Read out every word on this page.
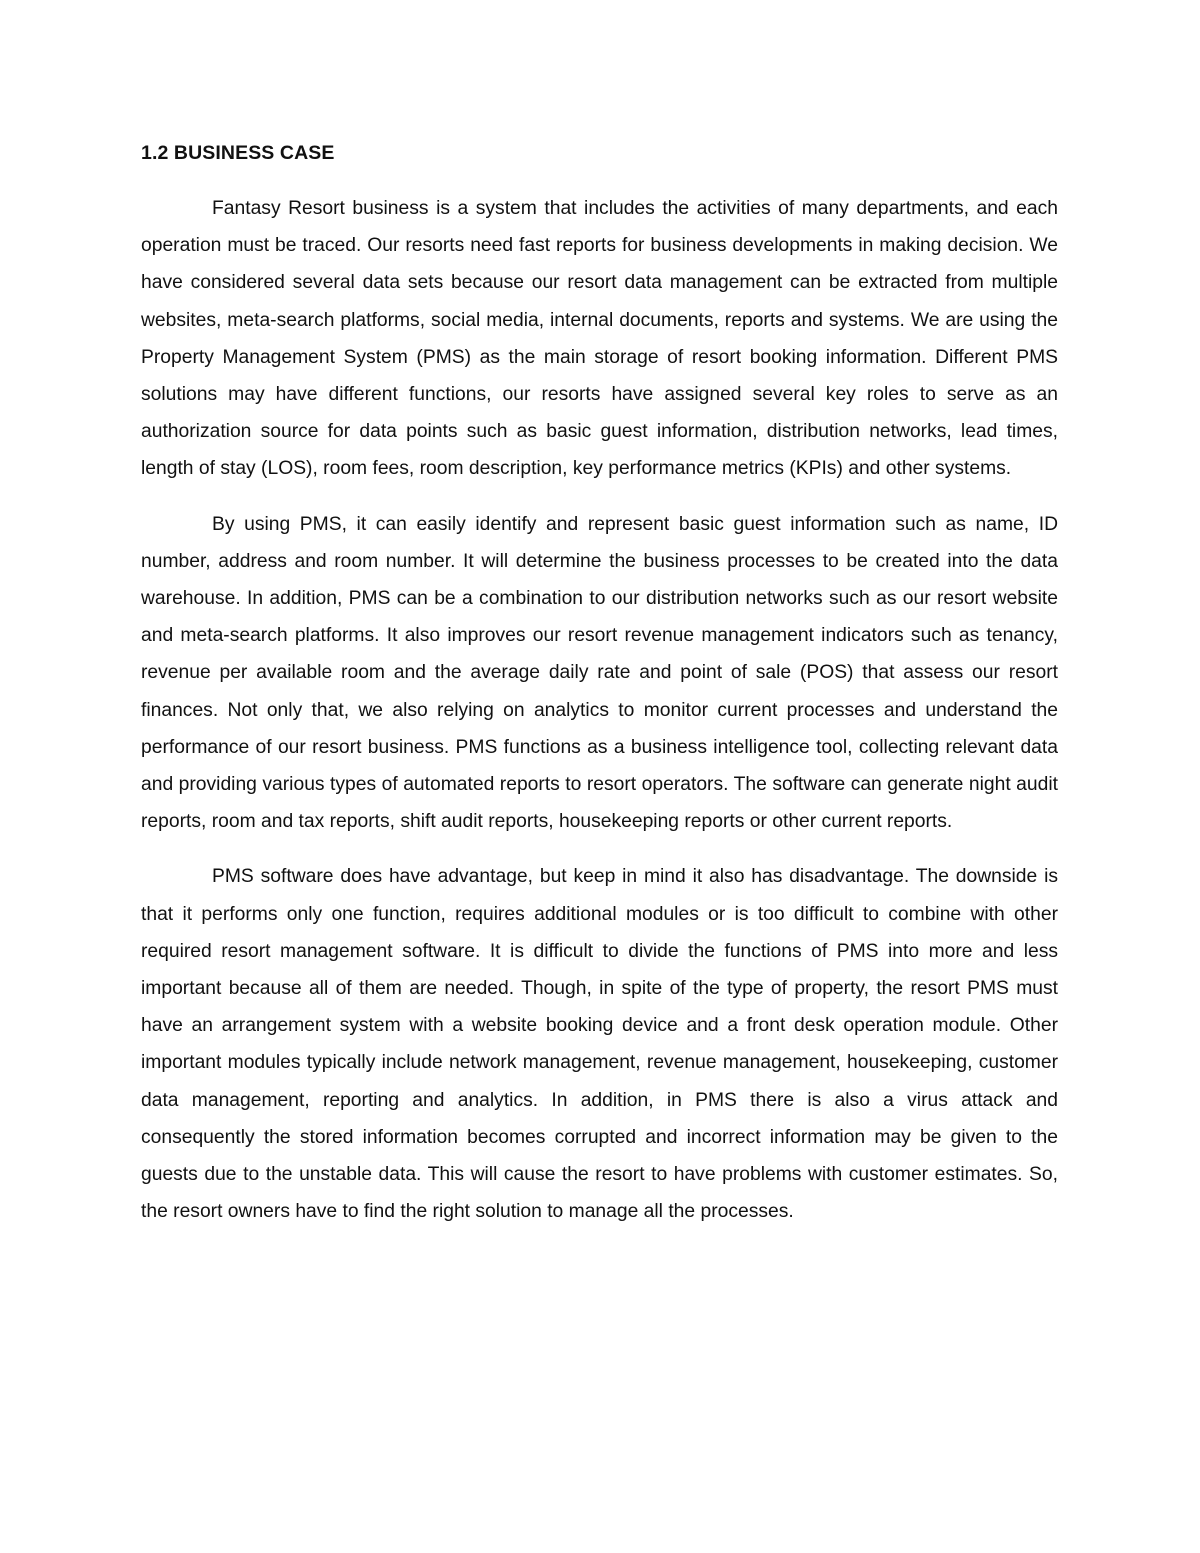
1.2 BUSINESS CASE

Fantasy Resort business is a system that includes the activities of many departments, and each operation must be traced. Our resorts need fast reports for business developments in making decision. We have considered several data sets because our resort data management can be extracted from multiple websites, meta-search platforms, social media, internal documents, reports and systems. We are using the Property Management System (PMS) as the main storage of resort booking information. Different PMS solutions may have different functions, our resorts have assigned several key roles to serve as an authorization source for data points such as basic guest information, distribution networks, lead times, length of stay (LOS), room fees, room description, key performance metrics (KPIs) and other systems.

By using PMS, it can easily identify and represent basic guest information such as name, ID number, address and room number. It will determine the business processes to be created into the data warehouse. In addition, PMS can be a combination to our distribution networks such as our resort website and meta-search platforms. It also improves our resort revenue management indicators such as tenancy, revenue per available room and the average daily rate and point of sale (POS) that assess our resort finances. Not only that, we also relying on analytics to monitor current processes and understand the performance of our resort business. PMS functions as a business intelligence tool, collecting relevant data and providing various types of automated reports to resort operators. The software can generate night audit reports, room and tax reports, shift audit reports, housekeeping reports or other current reports.

PMS software does have advantage, but keep in mind it also has disadvantage. The downside is that it performs only one function, requires additional modules or is too difficult to combine with other required resort management software. It is difficult to divide the functions of PMS into more and less important because all of them are needed. Though, in spite of the type of property, the resort PMS must have an arrangement system with a website booking device and a front desk operation module. Other important modules typically include network management, revenue management, housekeeping, customer data management, reporting and analytics. In addition, in PMS there is also a virus attack and consequently the stored information becomes corrupted and incorrect information may be given to the guests due to the unstable data. This will cause the resort to have problems with customer estimates. So, the resort owners have to find the right solution to manage all the processes.
